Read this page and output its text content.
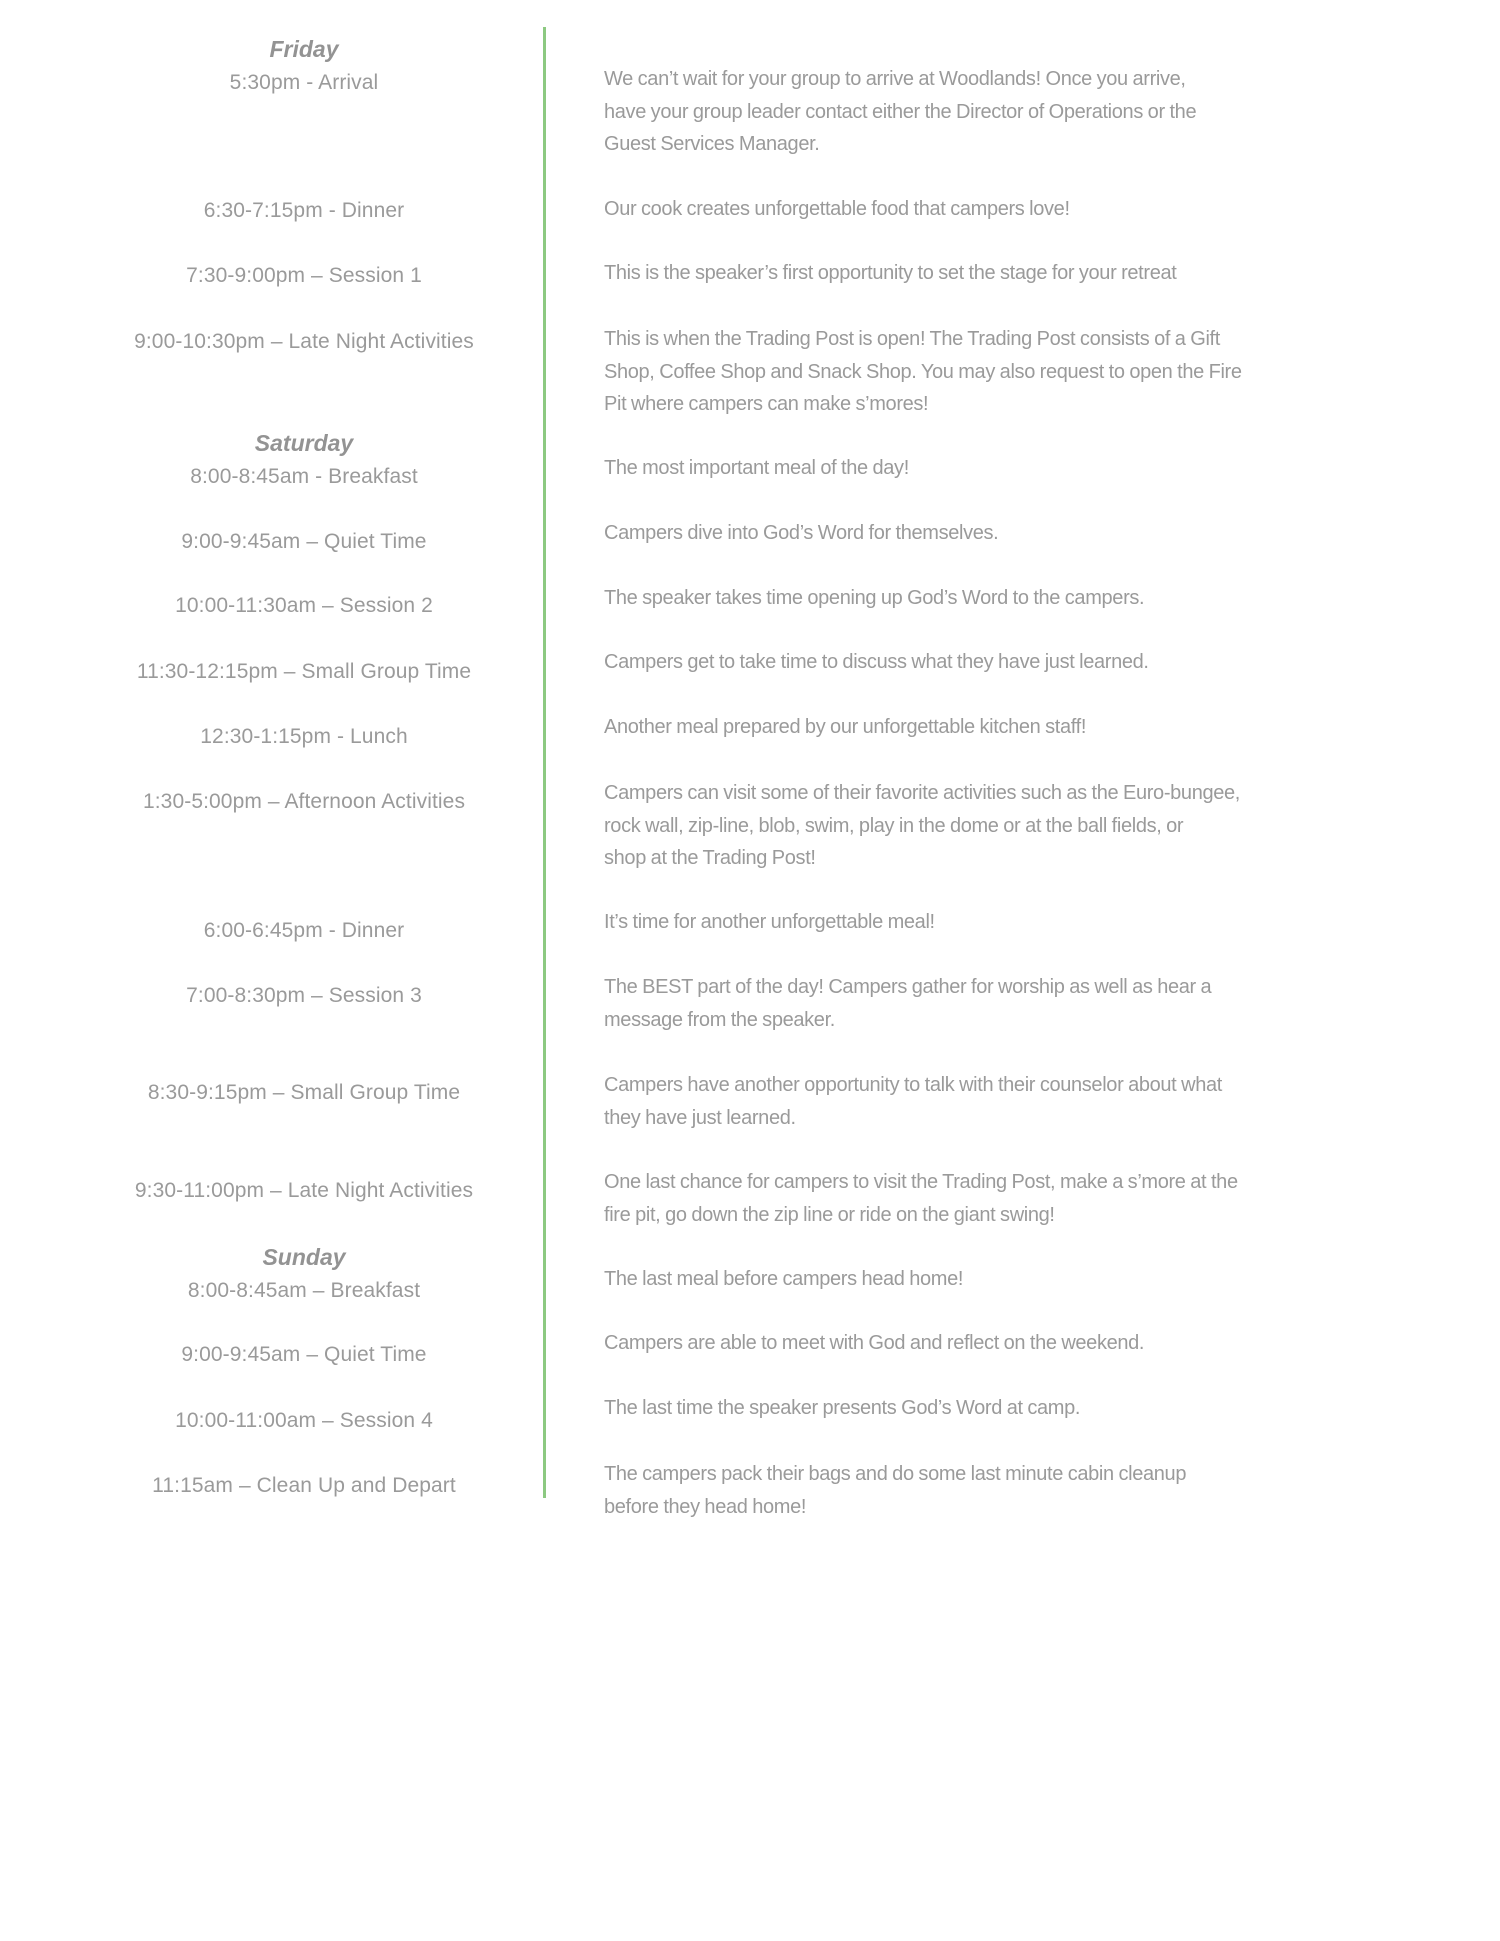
Friday
5:30pm - Arrival
6:30-7:15pm - Dinner
7:30-9:00pm – Session 1
9:00-10:30pm – Late Night Activities
Saturday
8:00-8:45am - Breakfast
9:00-9:45am – Quiet Time
10:00-11:30am – Session 2
11:30-12:15pm – Small Group Time
12:30-1:15pm - Lunch
1:30-5:00pm – Afternoon Activities
6:00-6:45pm - Dinner
7:00-8:30pm – Session 3
8:30-9:15pm – Small Group Time
9:30-11:00pm – Late Night Activities
Sunday
8:00-8:45am – Breakfast
9:00-9:45am – Quiet Time
10:00-11:00am – Session 4
11:15am – Clean Up and Depart
We can’t wait for your group to arrive at Woodlands! Once you arrive,
have your group leader contact either the Director of Operations or the
Guest Services Manager.
Our cook creates unforgettable food that campers love!
This is the speaker’s first opportunity to set the stage for your retreat
This is when the Trading Post is open! The Trading Post consists of a Gift
Shop, Coffee Shop and Snack Shop. You may also request to open the Fire
Pit where campers can make s’mores!
The most important meal of the day!
Campers dive into God’s Word for themselves.
The speaker takes time opening up God’s Word to the campers.
Campers get to take time to discuss what they have just learned.
Another meal prepared by our unforgettable kitchen staff!
Campers can visit some of their favorite activities such as the Euro-bungee,
rock wall, zip-line, blob, swim, play in the dome or at the ball fields, or
shop at the Trading Post!
It’s time for another unforgettable meal!
The BEST part of the day! Campers gather for worship as well as hear a
message from the speaker.
Campers have another opportunity to talk with their counselor about what
they have just learned.
One last chance for campers to visit the Trading Post, make a s’more at the
fire pit, go down the zip line or ride on the giant swing!
The last meal before campers head home!
Campers are able to meet with God and reflect on the weekend.
The last time the speaker presents God’s Word at camp.
The campers pack their bags and do some last minute cabin cleanup
before they head home!
